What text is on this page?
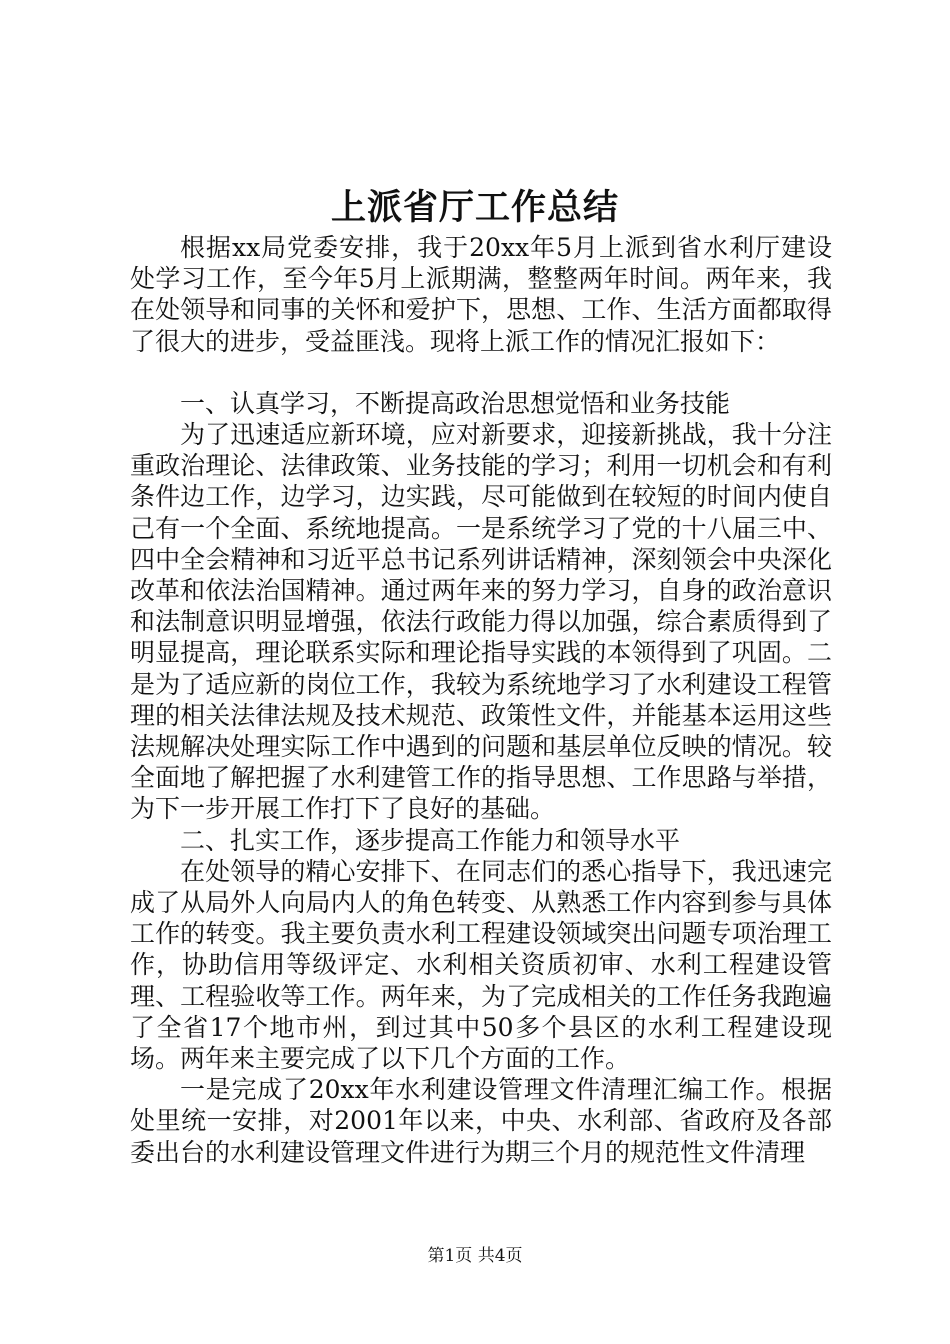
上派省厅工作总结

根据xx局党委安排，我于20xx年5月上派到省水利厅建设处学习工作，至今年5月上派期满，整整两年时间。两年来，我在处领导和同事的关怀和爱护下，思想、工作、生活方面都取得了很大的进步，受益匪浅。现将上派工作的情况汇报如下：

一、认真学习，不断提高政治思想觉悟和业务技能

为了迅速适应新环境，应对新要求，迎接新挑战，我十分注重政治理论、法律政策、业务技能的学习；利用一切机会和有利条件边工作，边学习，边实践，尽可能做到在较短的时间内使自己有一个全面、系统地提高。一是系统学习了党的十八届三中、四中全会精神和习近平总书记系列讲话精神，深刻领会中央深化改革和依法治国精神。通过两年来的努力学习，自身的政治意识和法制意识明显增强，依法行政能力得以加强，综合素质得到了明显提高，理论联系实际和理论指导实践的本领得到了巩固。二是为了适应新的岗位工作，我较为系统地学习了水利建设工程管理的相关法律法规及技术规范、政策性文件，并能基本运用这些法规解决处理实际工作中遇到的问题和基层单位反映的情况。较全面地了解把握了水利建管工作的指导思想、工作思路与举措，为下一步开展工作打下了良好的基础。

二、扎实工作，逐步提高工作能力和领导水平

在处领导的精心安排下、在同志们的悉心指导下，我迅速完成了从局外人向局内人的角色转变、从熟悉工作内容到参与具体工作的转变。我主要负责水利工程建设领域突出问题专项治理工作，协助信用等级评定、水利相关资质初审、水利工程建设管理、工程验收等工作。两年来，为了完成相关的工作任务我跑遍了全省17个地市州，到过其中50多个县区的水利工程建设现场。两年来主要完成了以下几个方面的工作。

一是完成了20xx年水利建设管理文件清理汇编工作。根据处里统一安排，对2001年以来，中央、水利部、省政府及各部委出台的水利建设管理文件进行为期三个月的规范性文件清理

第1页 共4页
